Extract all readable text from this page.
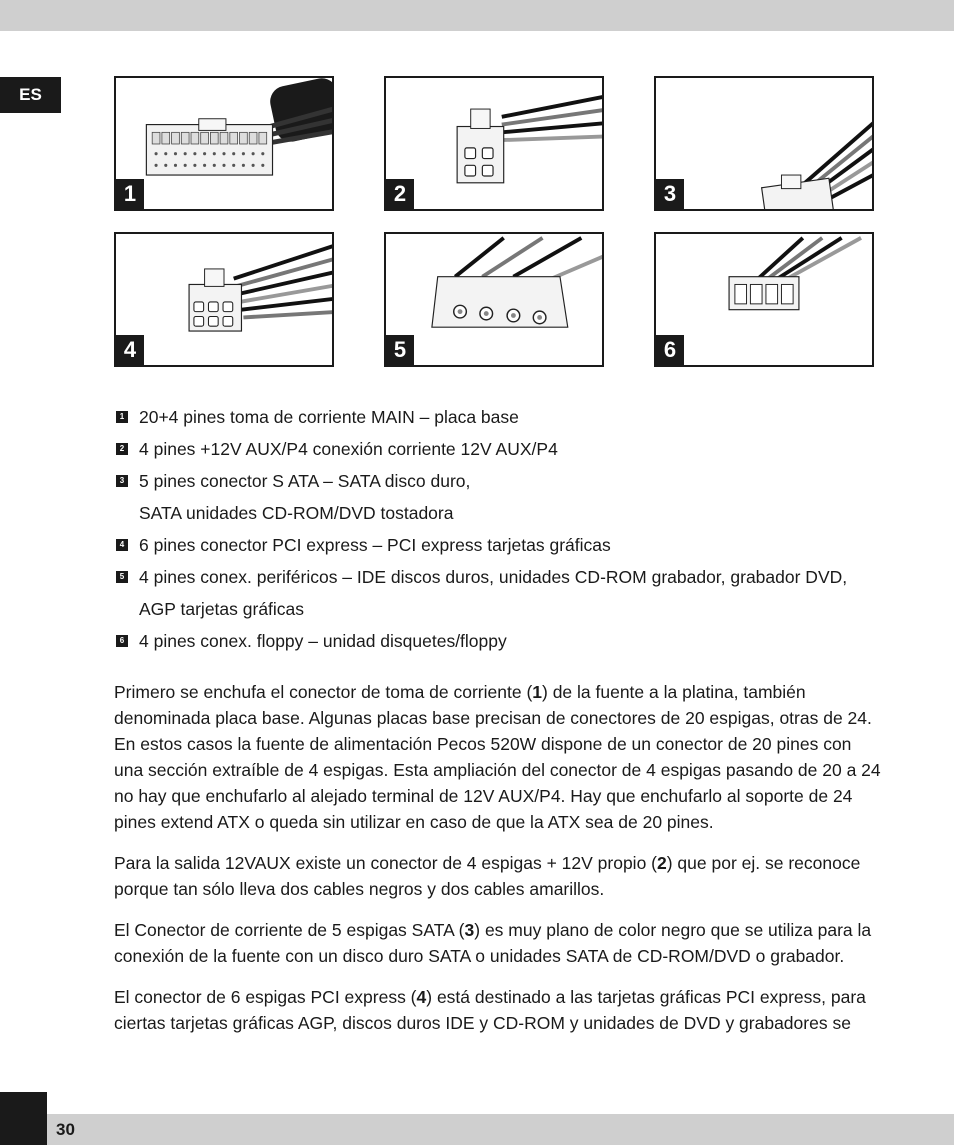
ES
1	2	3
4	5	6
1 20+4 pines toma de corriente MAIN – placa base
2 4 pines +12V AUX/P4 conexión corriente 12V AUX/P4
3 5 pines conector S ATA – SATA disco duro,
SATA unidades CD-ROM/DVD tostadora
4 6 pines conector PCI express – PCI express tarjetas gráficas
5 4 pines conex. periféricos – IDE discos duros, unidades CD-ROM grabador, grabador DVD,
AGP tarjetas gráficas
6 4 pines conex. floppy – unidad disquetes/floppy

Primero se enchufa el conector de toma de corriente (1) de la fuente a la platina, también denominada placa base. Algunas placas base precisan de conectores de 20 espigas, otras de 24. En estos casos la fuente de alimentación Pecos 520W dispone de un conector de 20 pines con una sección extraíble de 4 espigas. Esta ampliación del conector de 4 espigas pasando de 20 a 24 no hay que enchufarlo al alejado terminal de 12V AUX/P4. Hay que enchufarlo al soporte de 24 pines extend ATX o queda sin utilizar en caso de que la ATX sea de 20 pines.

Para la salida 12VAUX existe un conector de 4 espigas + 12V propio (2) que por ej. se reconoce porque tan sólo lleva dos cables negros y dos cables amarillos.

El Conector de corriente de 5 espigas SATA (3) es muy plano de color negro que se utiliza para la conexión de la fuente con un disco duro SATA o unidades SATA de CD-ROM/DVD o grabador.

El conector de 6 espigas PCI express (4) está destinado a las tarjetas gráficas PCI express, para ciertas tarjetas gráficas AGP, discos duros IDE y CD-ROM y unidades de DVD y grabadores se

30
